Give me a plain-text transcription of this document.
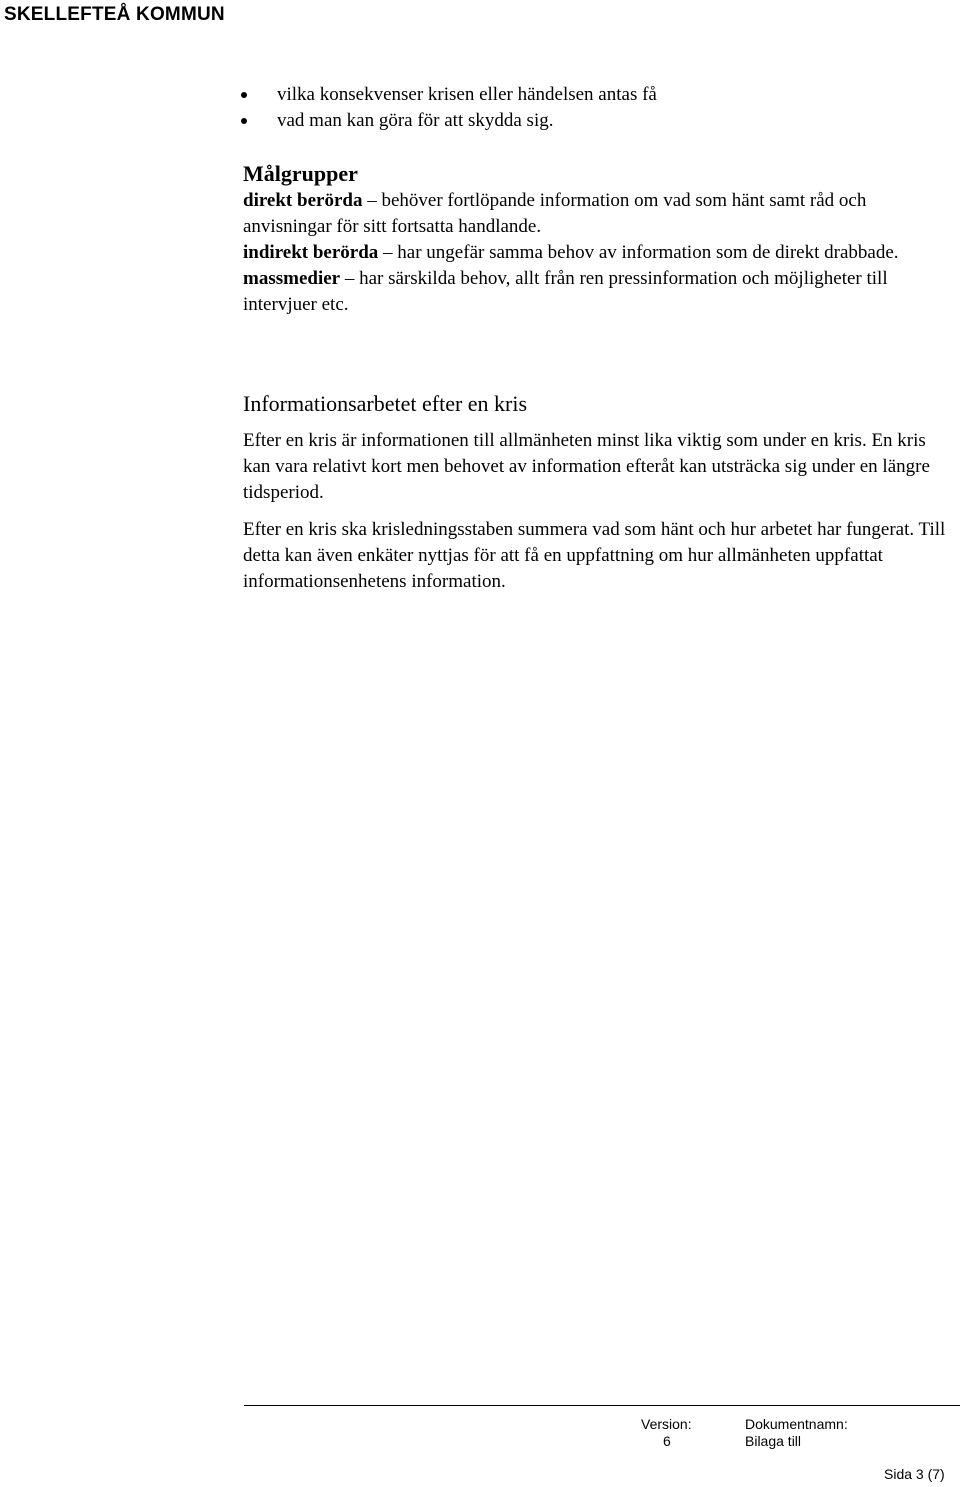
SKELLEFTEÅ KOMMUN
vilka konsekvenser krisen eller händelsen antas få
vad man kan göra för att skydda sig.
Målgrupper

direkt berörda – behöver fortlöpande information om vad som hänt samt råd och anvisningar för sitt fortsatta handlande.

indirekt berörda – har ungefär samma behov av information som de direkt drabbade.

massmedier – har särskilda behov, allt från ren pressinformation och möjligheter till intervjuer etc.

Informationsarbetet efter en kris

Efter en kris är informationen till allmänheten minst lika viktig som under en kris. En kris kan vara relativt kort men behovet av information efteråt kan utsträcka sig under en längre tidsperiod.

Efter en kris ska krisledningsstaben summera vad som hänt och hur arbetet har fungerat. Till detta kan även enkäter nyttjas för att få en uppfattning om hur allmänheten uppfattat informationsenhetens information.

Version:
6
Dokumentnamn:
Bilaga till
Sida 3 (7)
